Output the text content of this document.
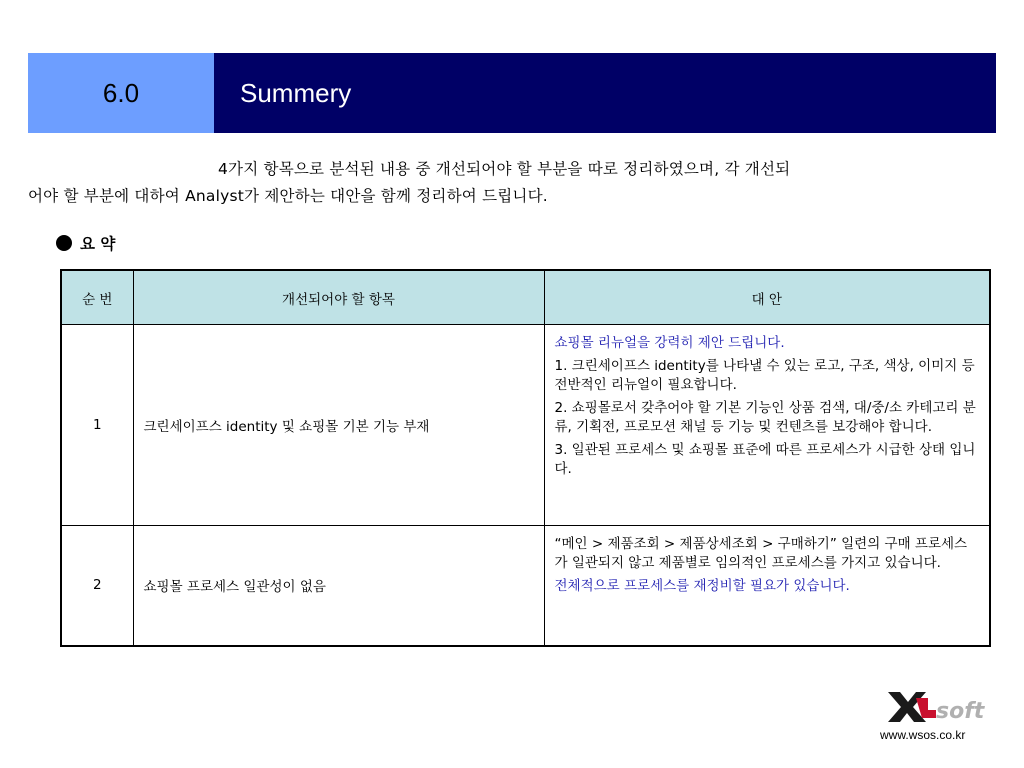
6.0	Summery
4가지 항목으로 분석된 내용 중 개선되어야 할 부분을 따로 정리하였으며, 각 개선되
어야 할 부분에 대하여 Analyst가 제안하는 대안을 함께 정리하여 드립니다.
요 약
순 번	개선되어야 할 항목	대 안
1	크린세이프스 identity 및 쇼핑몰 기본 기능 부재	쇼핑몰 리뉴얼을 강력히 제안 드립니다.
1. 크린세이프스 identity를 나타낼 수 있는 로고, 구조, 색상, 이미지 등 전반적인 리뉴얼이 필요합니다.
2. 쇼핑몰로서 갖추어야 할 기본 기능인 상품 검색, 대/중/소 카테고리 분류, 기획전, 프로모션 채널 등 기능 및 컨텐츠를 보강해야 합니다.
3. 일관된 프로세스 및 쇼핑몰 표준에 따른 프로세스가 시급한 상태 입니다.

2	쇼핑몰 프로세스 일관성이 없음	“메인 > 제품조회 > 제품상세조회 > 구매하기” 일련의 구매 프로세스가 일관되지 않고 제품별로 임의적인 프로세스를 가지고 있습니다.
전체적으로 프로세스를 재정비할 필요가 있습니다.
soft
www.wsos.co.kr
